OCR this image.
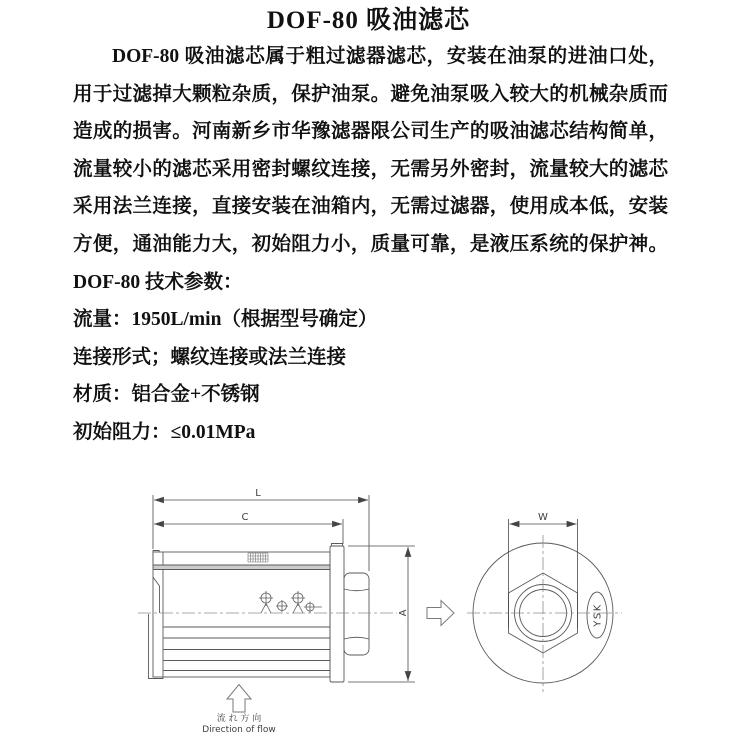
DOF-80 吸油滤芯
DOF-80 吸油滤芯属于粗过滤器滤芯，安装在油泵的进油口处，
用于过滤掉大颗粒杂质，保护油泵。避免油泵吸入较大的机械杂质而
造成的损害。河南新乡市华豫滤器限公司生产的吸油滤芯结构简单，
流量较小的滤芯采用密封螺纹连接，无需另外密封，流量较大的滤芯
采用法兰连接，直接安装在油箱内，无需过滤器，使用成本低，安装
方便，通油能力大，初始阻力小，质量可靠，是液压系统的保护神。
DOF-80 技术参数：
流量：1950L/min（根据型号确定）
连接形式；螺纹连接或法兰连接
材质：铝合金+不锈钢
初始阻力：≤0.01MPa
L
C
A
流 れ 方 向
Direction of flow
YSK
W
